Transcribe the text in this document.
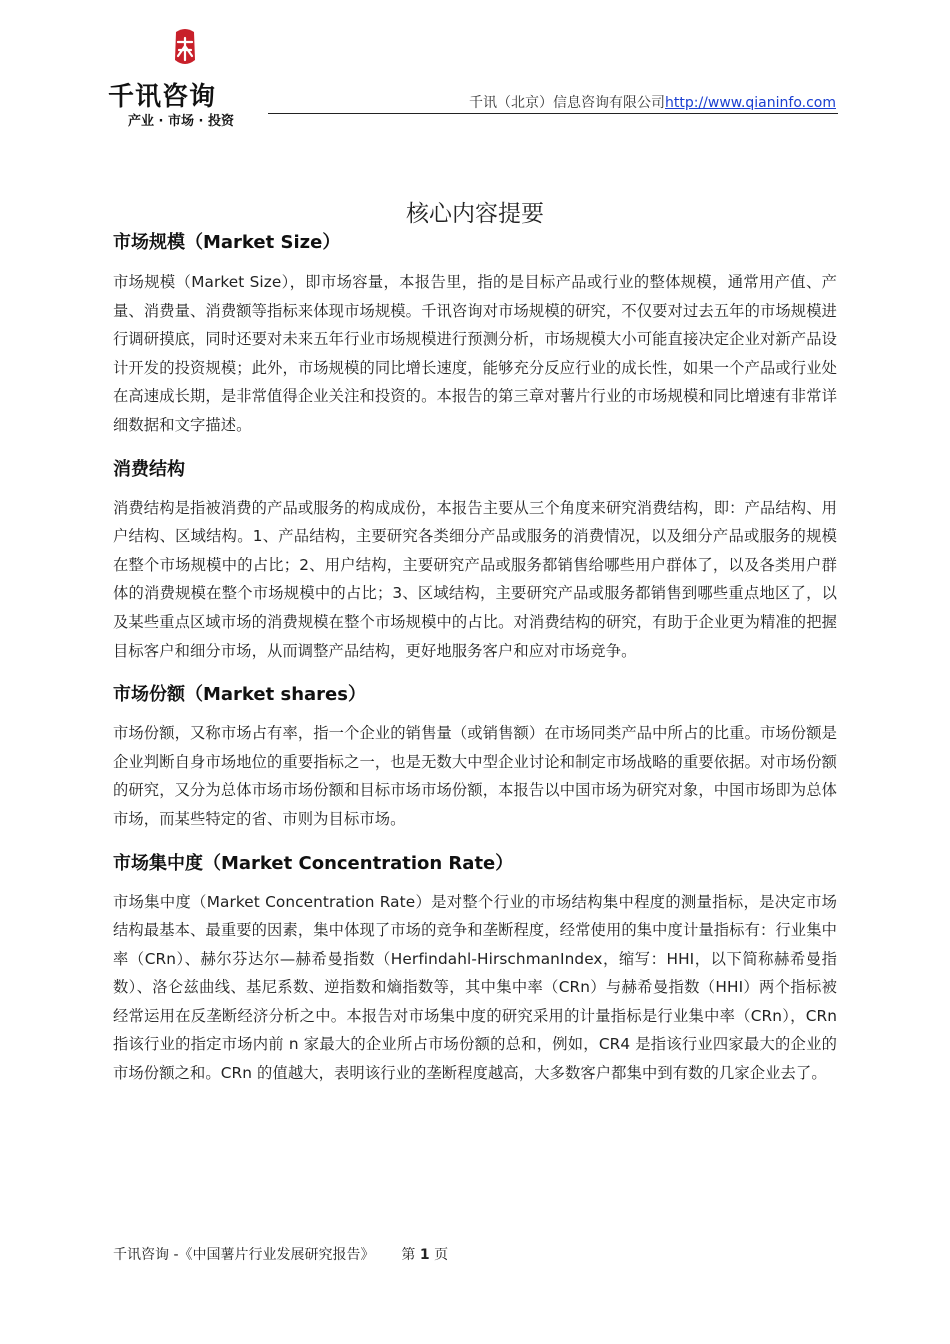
千讯咨询
产业 · 市场 · 投资
千讯（北京）信息咨询有限公司http://www.qianinfo.com
核心内容提要
市场规模（Market Size）

市场规模（Market Size），即市场容量，本报告里，指的是目标产品或行业的整体规模，通常用产值、产量、消费量、消费额等指标来体现市场规模。千讯咨询对市场规模的研究，不仅要对过去五年的市场规模进行调研摸底，同时还要对未来五年行业市场规模进行预测分析，市场规模大小可能直接决定企业对新产品设计开发的投资规模；此外，市场规模的同比增长速度，能够充分反应行业的成长性，如果一个产品或行业处在高速成长期，是非常值得企业关注和投资的。本报告的第三章对薯片行业的市场规模和同比增速有非常详细数据和文字描述。

消费结构

消费结构是指被消费的产品或服务的构成成份，本报告主要从三个角度来研究消费结构，即：产品结构、用户结构、区域结构。1、产品结构，主要研究各类细分产品或服务的消费情况，以及细分产品或服务的规模在整个市场规模中的占比；2、用户结构，主要研究产品或服务都销售给哪些用户群体了，以及各类用户群体的消费规模在整个市场规模中的占比；3、区域结构，主要研究产品或服务都销售到哪些重点地区了，以及某些重点区域市场的消费规模在整个市场规模中的占比。对消费结构的研究，有助于企业更为精准的把握目标客户和细分市场，从而调整产品结构，更好地服务客户和应对市场竞争。

市场份额（Market shares）

市场份额，又称市场占有率，指一个企业的销售量（或销售额）在市场同类产品中所占的比重。市场份额是企业判断自身市场地位的重要指标之一，也是无数大中型企业讨论和制定市场战略的重要依据。对市场份额的研究，又分为总体市场市场份额和目标市场市场份额，本报告以中国市场为研究对象，中国市场即为总体市场，而某些特定的省、市则为目标市场。

市场集中度（Market Concentration Rate）

市场集中度（Market Concentration Rate）是对整个行业的市场结构集中程度的测量指标，是决定市场结构最基本、最重要的因素，集中体现了市场的竞争和垄断程度，经常使用的集中度计量指标有：行业集中率（CRn）、赫尔芬达尔—赫希曼指数（Herfindahl-HirschmanIndex，缩写：HHI，以下简称赫希曼指数）、洛仑兹曲线、基尼系数、逆指数和熵指数等，其中集中率（CRn）与赫希曼指数（HHI）两个指标被经常运用在反垄断经济分析之中。本报告对市场集中度的研究采用的计量指标是行业集中率（CRn），CRn 指该行业的指定市场内前 n 家最大的企业所占市场份额的总和，例如，CR4 是指该行业四家最大的企业的市场份额之和。CRn 的值越大，表明该行业的垄断程度越高，大多数客户都集中到有数的几家企业去了。

千讯咨询 -《中国薯片行业发展研究报告》 第 1 页
